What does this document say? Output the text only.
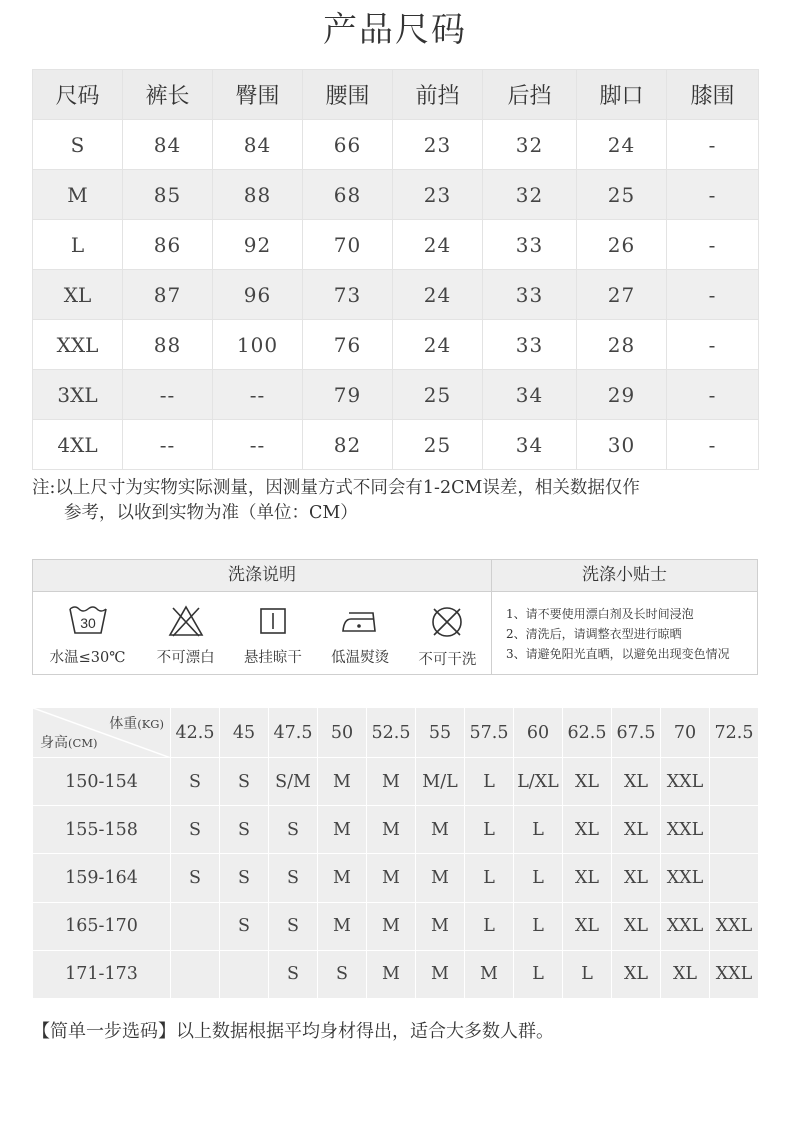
产品尺码
尺码	裤长	臀围	腰围	前挡	后挡	脚口	膝围
S	84	84	66	23	32	24	-
M	85	88	68	23	32	25	-
L	86	92	70	24	33	26	-
XL	87	96	73	24	33	27	-
XXL	88	100	76	24	33	28	-
3XL	--	--	79	25	34	29	-
4XL	--	--	82	25	34	30	-
注:以上尺寸为实物实际测量，因测量方式不同会有1-2CM误差，相关数据仅作
参考，以收到实物为准（单位：CM）
洗涤说明
30
水温≤30℃	不可漂白	悬挂晾干	低温熨烫	不可干洗
洗涤小贴士
1、请不要使用漂白剂及长时间浸泡
2、清洗后，请调整衣型进行晾晒
3、请避免阳光直晒，以避免出现变色情况
体重(KG)
身高(CM)	42.5	45	47.5	50	52.5	55	57.5	60	62.5	67.5	70	72.5
150-154	S	S	S/M	M	M	M/L	L	L/XL	XL	XL	XXL	
155-158	S	S	S	M	M	M	L	L	XL	XL	XXL	
159-164	S	S	S	M	M	M	L	L	XL	XL	XXL	
165-170		S	S	M	M	M	L	L	XL	XL	XXL	XXL
171-173			S	S	M	M	M	L	L	XL	XL	XXL
【简单一步选码】以上数据根据平均身材得出，适合大多数人群。
